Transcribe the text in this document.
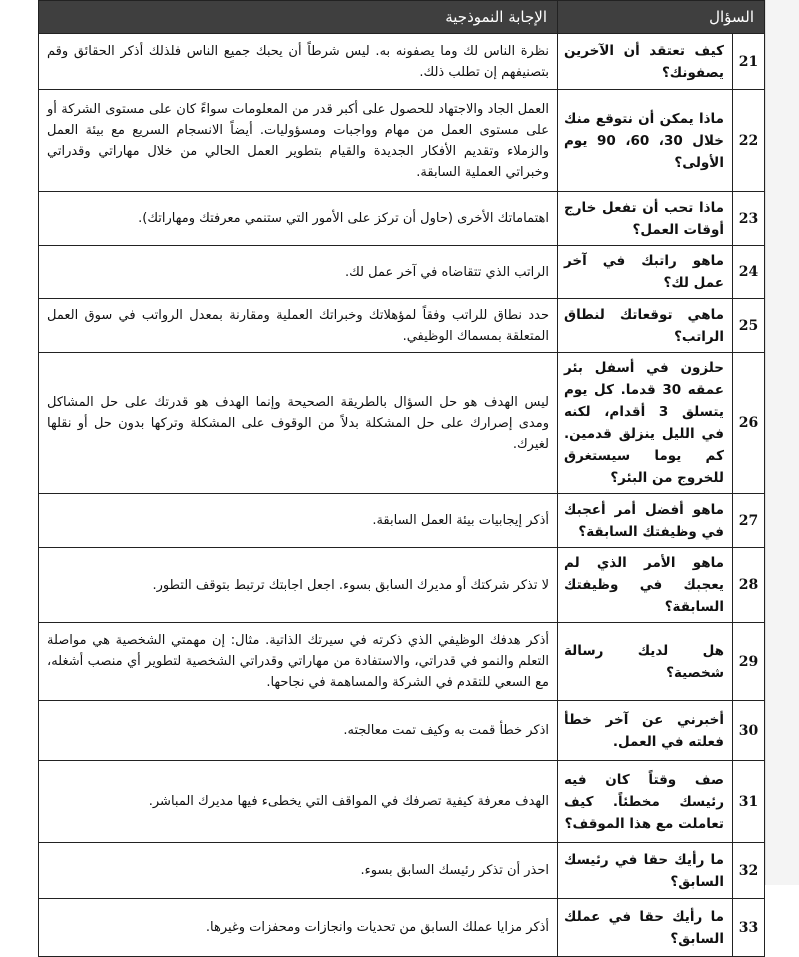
السؤال		الإجابة النموذجية
21	كيف تعتقد أن الآخرين يصفونك؟	نظرة الناس لك وما يصفونه به. ليس شرطاً أن يحبك جميع الناس فلذلك أذكر الحقائق وقم بتصنيفهم إن تطلب ذلك.
22	ماذا يمكن أن نتوقع منك خلال 30، 60، 90 يوم الأولى؟	العمل الجاد والاجتهاد للحصول على أكبر قدر من المعلومات سواءً كان على مستوى الشركة أو على مستوى العمل من مهام وواجبات ومسؤوليات. أيضاً الانسجام السريع مع بيئة العمل والزملاء وتقديم الأفكار الجديدة والقيام بتطوير العمل الحالي من خلال مهاراتي وقدراتي وخبراتي العملية السابقة.
23	ماذا تحب أن تفعل خارج أوقات العمل؟	اهتماماتك الأخرى (حاول أن تركز على الأمور التي ستنمي معرفتك ومهاراتك).
24	ماهو راتبك في آخر عمل لك؟	الراتب الذي تتقاضاه في آخر عمل لك.
25	ماهي توقعاتك لنطاق الراتب؟	حدد نطاق للراتب وفقاً لمؤهلاتك وخبراتك العملية ومقارنة بمعدل الرواتب في سوق العمل المتعلقة بمسماك الوظيفي.
26	حلزون في أسفل بئر عمقه 30 قدما. كل يوم يتسلق 3 أقدام، لكنه في الليل ينزلق قدمين. كم يوما سيستغرق للخروج من البئر؟	ليس الهدف هو حل السؤال بالطريقة الصحيحة وإنما الهدف هو قدرتك على حل المشاكل ومدى إصرارك على حل المشكلة بدلاً من الوقوف على المشكلة وتركها بدون حل أو نقلها لغيرك.
27	ماهو أفضل أمر أعجبك في وظيفتك السابقة؟	أذكر إيجابيات بيئة العمل السابقة.
28	ماهو الأمر الذي لم يعجبك في وظيفتك السابقة؟	لا تذكر شركتك أو مديرك السابق بسوء. اجعل اجابتك ترتبط بتوقف التطور.
29	هل لديك رسالة شخصية؟	أذكر هدفك الوظيفي الذي ذكرته في سيرتك الذاتية. مثال: إن مهمتي الشخصية هي مواصلة التعلم والنمو في قدراتي، والاستفادة من مهاراتي وقدراتي الشخصية لتطوير أي منصب أشغله، مع السعي للتقدم في الشركة والمساهمة في نجاحها.
30	أخبرني عن آخر خطأ فعلته في العمل.	اذكر خطأ قمت به وكيف تمت معالجته.
31	صف وقتاً كان فيه رئيسك مخطئاً. كيف تعاملت مع هذا الموقف؟	الهدف معرفة كيفية تصرفك في المواقف التي يخطىء فيها مديرك المباشر.
32	ما رأيك حقا في رئيسك السابق؟	احذر أن تذكر رئيسك السابق بسوء.
33	ما رأيك حقا في عملك السابق؟	أذكر مزايا عملك السابق من تحديات وانجازات ومحفزات وغيرها.
